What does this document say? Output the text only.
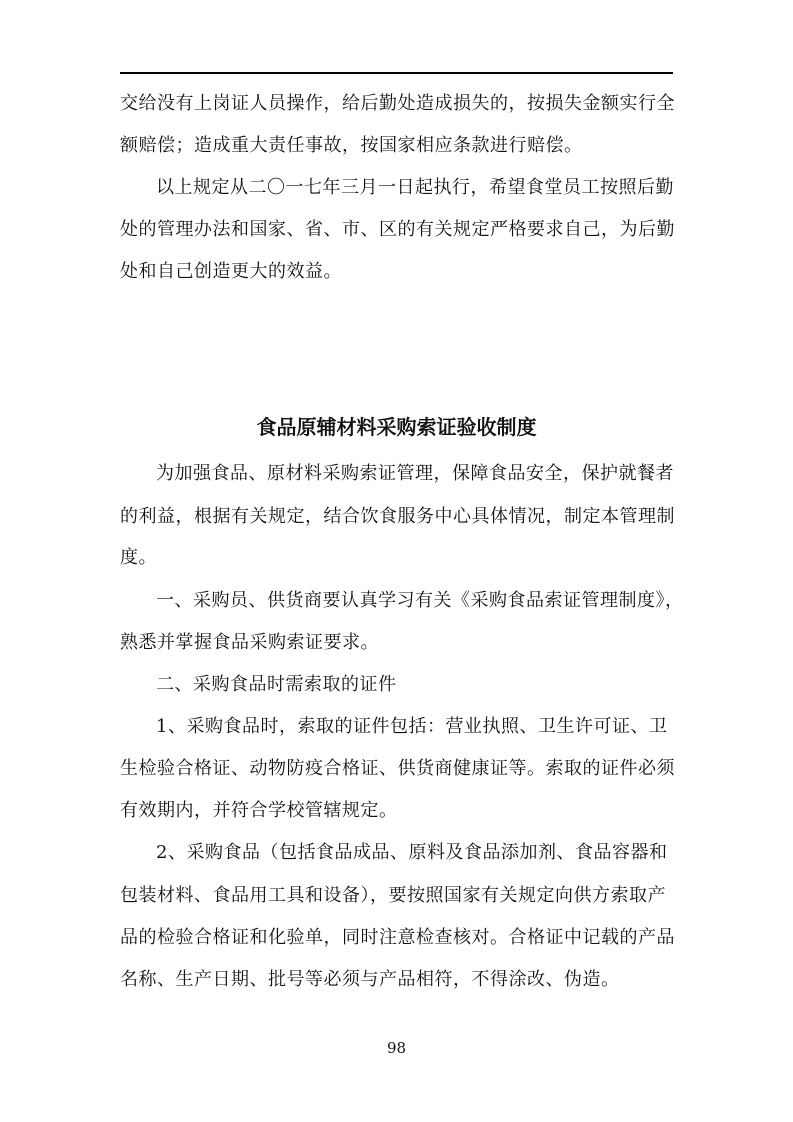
交给没有上岗证人员操作，给后勤处造成损失的，按损失金额实行全
额赔偿；造成重大责任事故，按国家相应条款进行赔偿。
以上规定从二〇一七年三月一日起执行，希望食堂员工按照后勤
处的管理办法和国家、省、市、区的有关规定严格要求自己，为后勤
处和自己创造更大的效益。
食品原辅材料采购索证验收制度
为加强食品、原材料采购索证管理，保障食品安全，保护就餐者
的利益，根据有关规定，结合饮食服务中心具体情况，制定本管理制
度。
一、采购员、供货商要认真学习有关《采购食品索证管理制度》，
熟悉并掌握食品采购索证要求。
二、采购食品时需索取的证件
1、采购食品时，索取的证件包括：营业执照、卫生许可证、卫
生检验合格证、动物防疫合格证、供货商健康证等。索取的证件必须
有效期内，并符合学校管辖规定。
2、采购食品（包括食品成品、原料及食品添加剂、食品容器和
包装材料、食品用工具和设备），要按照国家有关规定向供方索取产
品的检验合格证和化验单，同时注意检查核对。合格证中记载的产品
名称、生产日期、批号等必须与产品相符，不得涂改、伪造。
98
